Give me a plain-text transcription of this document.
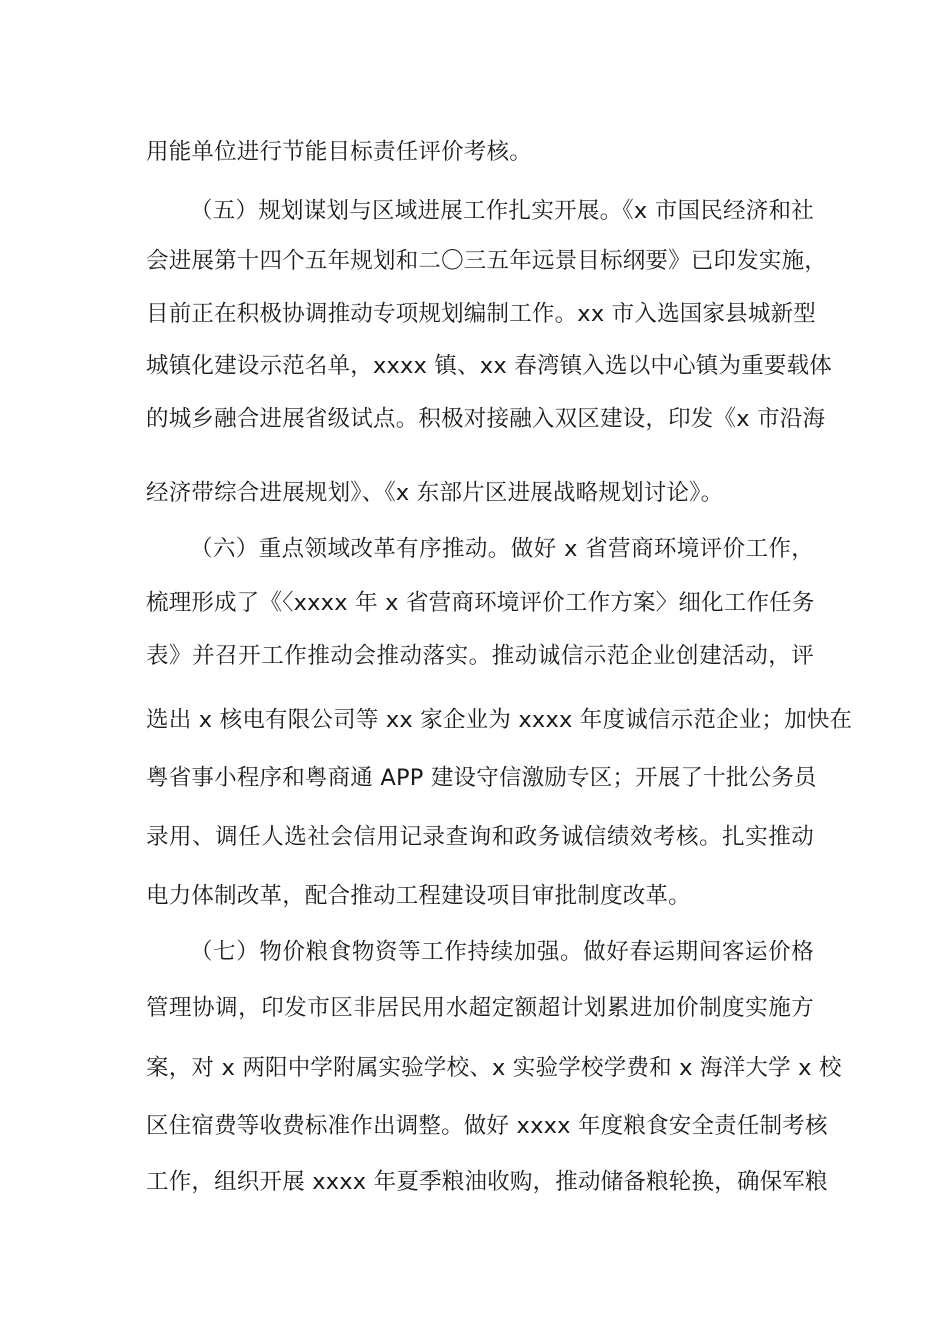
用能单位进行节能目标责任评价考核。
（五）规划谋划与区域进展工作扎实开展。《x 市国民经济和社
会进展第十四个五年规划和二〇三五年远景目标纲要》已印发实施，
目前正在积极协调推动专项规划编制工作。xx 市入选国家县城新型
城镇化建设示范名单，xxxx 镇、xx 春湾镇入选以中心镇为重要载体
的城乡融合进展省级试点。积极对接融入双区建设，印发《x 市沿海
经济带综合进展规划》、《x 东部片区进展战略规划讨论》。
（六）重点领域改革有序推动。做好 x 省营商环境评价工作，
梳理形成了《〈xxxx 年 x 省营商环境评价工作方案〉细化工作任务
表》并召开工作推动会推动落实。推动诚信示范企业创建活动，评
选出 x 核电有限公司等 xx 家企业为 xxxx 年度诚信示范企业；加快在
粤省事小程序和粤商通 APP 建设守信激励专区；开展了十批公务员
录用、调任人选社会信用记录查询和政务诚信绩效考核。扎实推动
电力体制改革，配合推动工程建设项目审批制度改革。
（七）物价粮食物资等工作持续加强。做好春运期间客运价格
管理协调，印发市区非居民用水超定额超计划累进加价制度实施方
案，对 x 两阳中学附属实验学校、x 实验学校学费和 x 海洋大学 x 校
区住宿费等收费标准作出调整。做好 xxxx 年度粮食安全责任制考核
工作，组织开展 xxxx 年夏季粮油收购，推动储备粮轮换，确保军粮
